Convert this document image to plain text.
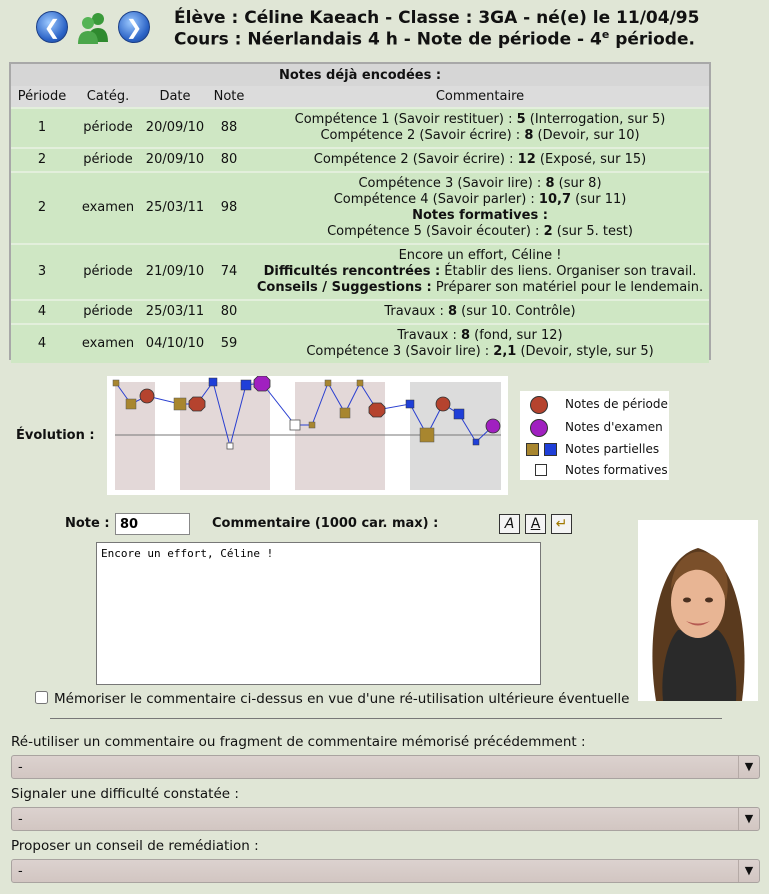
❮	❯	Élève : Céline Kaeach - Classe : 3GA - né(e) le 11/04/95
Cours : Néerlandais 4 h - Note de période - 4e période.
Notes déjà encodées :				
Période	Catég.	Date	Note	Commentaire
1	période	20/09/10	88	Compétence 1 (Savoir restituer) : 5 (Interrogation, sur 5)
Compétence 2 (Savoir écrire) : 8 (Devoir, sur 10)

2	période	20/09/10	80	Compétence 2 (Savoir écrire) : 12 (Exposé, sur 15)

2	examen	25/03/11	98	Compétence 3 (Savoir lire) : 8 (sur 8)
Compétence 4 (Savoir parler) : 10,7 (sur 11)
Notes formatives :
Compétence 5 (Savoir écouter) : 2 (sur 5. test)

3	période	21/09/10	74	Encore un effort, Céline !
Difficultés rencontrées : Établir des liens. Organiser son travail.
Conseils / Suggestions : Préparer son matériel pour le lendemain.

4	période	25/03/11	80	Travaux : 8 (sur 10. Contrôle)

4	examen	04/10/10	59	Travaux : 8 (fond, sur 12)
Compétence 3 (Savoir lire) : 2,1 (Devoir, style, sur 5)
Évolution :
Notes de période
Notes d'examen
Notes partielles
Notes formatives
Note :
80	Commentaire (1000 car. max) :	A	A	↵
Encore un effort, Céline !
Mémoriser le commentaire ci-dessus en vue d'une ré-utilisation ultérieure éventuelle
Ré-utiliser un commentaire ou fragment de commentaire mémorisé précédemment :
-	▼
Signaler une difficulté constatée :
-	▼
Proposer un conseil de remédiation :
-	▼
